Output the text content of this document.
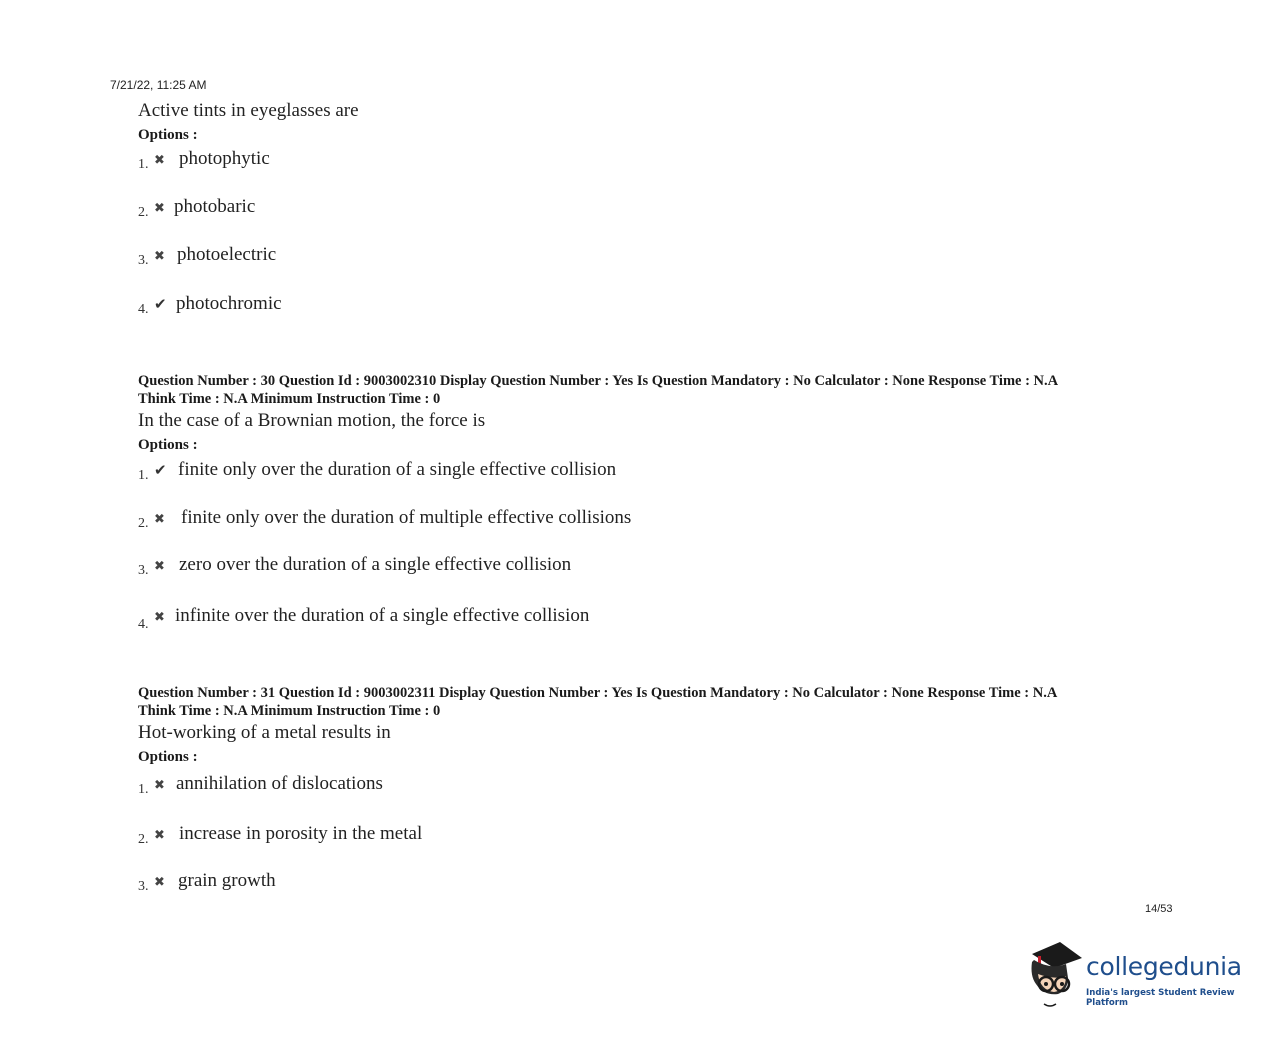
7/21/22, 11:25 AM
Active tints in eyeglasses are
Options :
1. ✖ photophytic
2. ✖ photobaric
3. ✖ photoelectric
4. ✔ photochromic
Question Number : 30 Question Id : 9003002310 Display Question Number : Yes Is Question Mandatory : No Calculator : None Response Time : N.A
Think Time : N.A Minimum Instruction Time : 0
In the case of a Brownian motion, the force is
Options :
1. ✔ finite only over the duration of a single effective collision
2. ✖ finite only over the duration of multiple effective collisions
3. ✖ zero over the duration of a single effective collision
4. ✖ infinite over the duration of a single effective collision
Question Number : 31 Question Id : 9003002311 Display Question Number : Yes Is Question Mandatory : No Calculator : None Response Time : N.A
Think Time : N.A Minimum Instruction Time : 0
Hot-working of a metal results in
Options :
1. ✖ annihilation of dislocations
2. ✖ increase in porosity in the metal
3. ✖ grain growth
14/53
collegedunia
India's largest Student Review Platform
